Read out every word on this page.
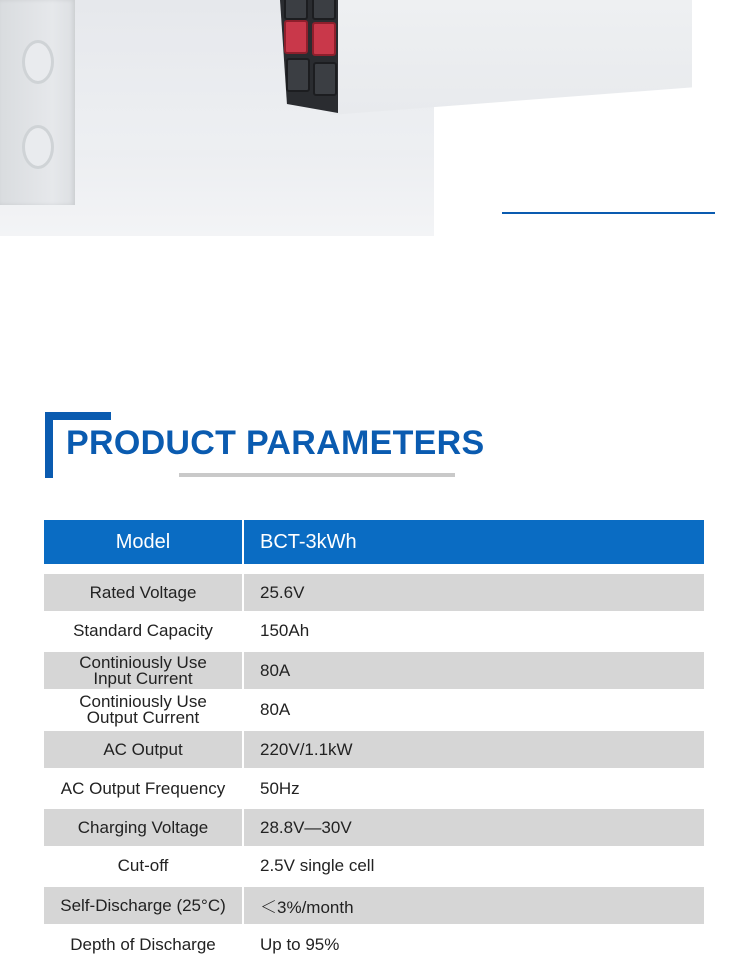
PRODUCT PARAMETERS
Model	BCT-3kWh
Rated Voltage	25.6V
Standard Capacity	150Ah
Continiously Use
Input Current	80A
Continiously Use
Output Current	80A
AC Output	220V/1.1kW
AC Output Frequency	50Hz
Charging Voltage	28.8V—30V
Cut-off	2.5V single cell
Self-Discharge (25°C)	＜3%/month
Depth of Discharge	Up to 95%
